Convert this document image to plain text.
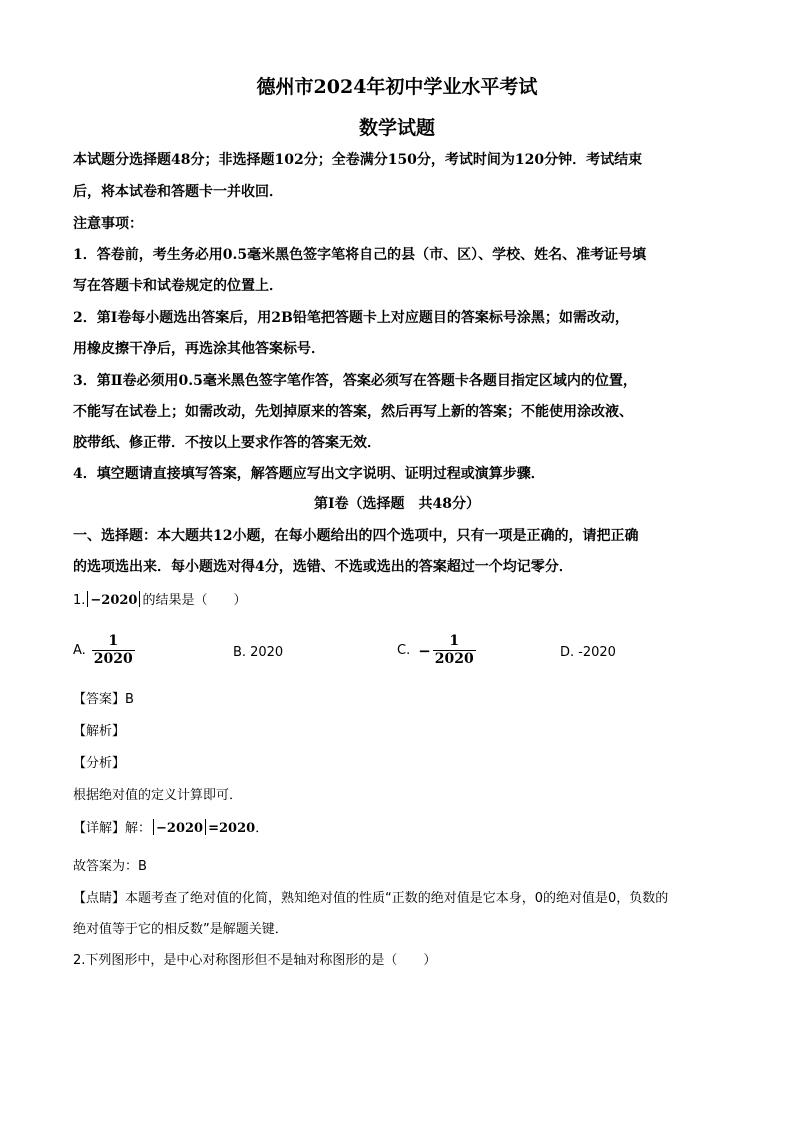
德州市2024年初中学业水平考试
数学试题
本试题分选择题48分；非选择题102分；全卷满分150分，考试时间为120分钟．考试结束
后，将本试卷和答题卡一并收回．
注意事项：
1．答卷前，考生务必用0.5毫米黑色签字笔将自己的县（市、区）、学校、姓名、准考证号填
写在答题卡和试卷规定的位置上．
2．第Ⅰ卷每小题选出答案后，用2B铅笔把答题卡上对应题目的答案标号涂黑；如需改动，
用橡皮擦干净后，再选涂其他答案标号．
3．第Ⅱ卷必须用0.5毫米黑色签字笔作答，答案必须写在答题卡各题目指定区域内的位置，
不能写在试卷上；如需改动，先划掉原来的答案，然后再写上新的答案；不能使用涂改液、
胶带纸、修正带．不按以上要求作答的答案无效．
4．填空题请直接填写答案，解答题应写出文字说明、证明过程或演算步骤．
第Ⅰ卷（选择题　共48分）
一、选择题：本大题共12小题，在每小题给出的四个选项中，只有一项是正确的，请把正确
的选项选出来．每小题选对得4分，选错、不选或选出的答案超过一个均记零分．
1. −2020 的结果是（　　）
A. $\frac{1}{2020}$	B. 2020	C. − $\frac{1}{2020}$	D. -2020
【答案】B
【解析】
【分析】
根据绝对值的定义计算即可．
【详解】解： −2020 =2020．
故答案为：B
【点睛】本题考查了绝对值的化简，熟知绝对值的性质“正数的绝对值是它本身，0的绝对值是0，负数的
绝对值等于它的相反数”是解题关键．
2.下列图形中，是中心对称图形但不是轴对称图形的是（　　）
